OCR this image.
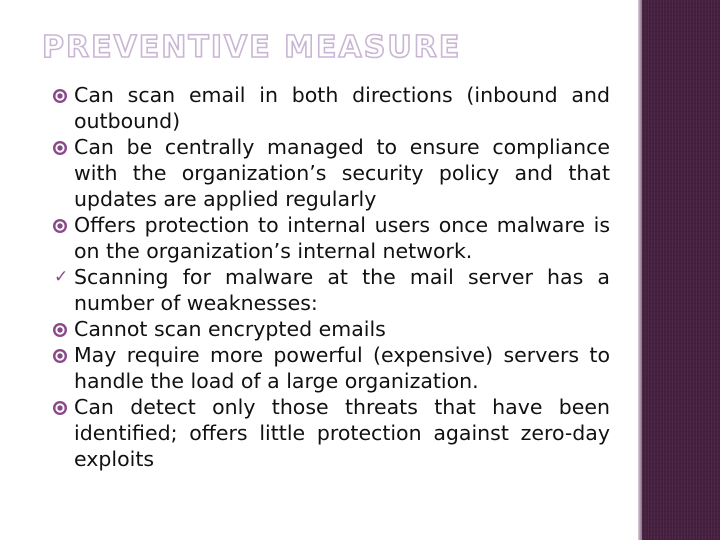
PREVENTIVE MEASURE
Can scan email in both directions (inbound and outbound)
Can be centrally managed to ensure compliance with the organization’s security policy and that updates are applied regularly
Offers protection to internal users once malware is on the organization’s internal network.
✓ Scanning for malware at the mail server has a number of weaknesses:
Cannot scan encrypted emails
May require more powerful (expensive) servers to handle the load of a large organization.
Can detect only those threats that have been identified; offers little protection against zero-day exploits
